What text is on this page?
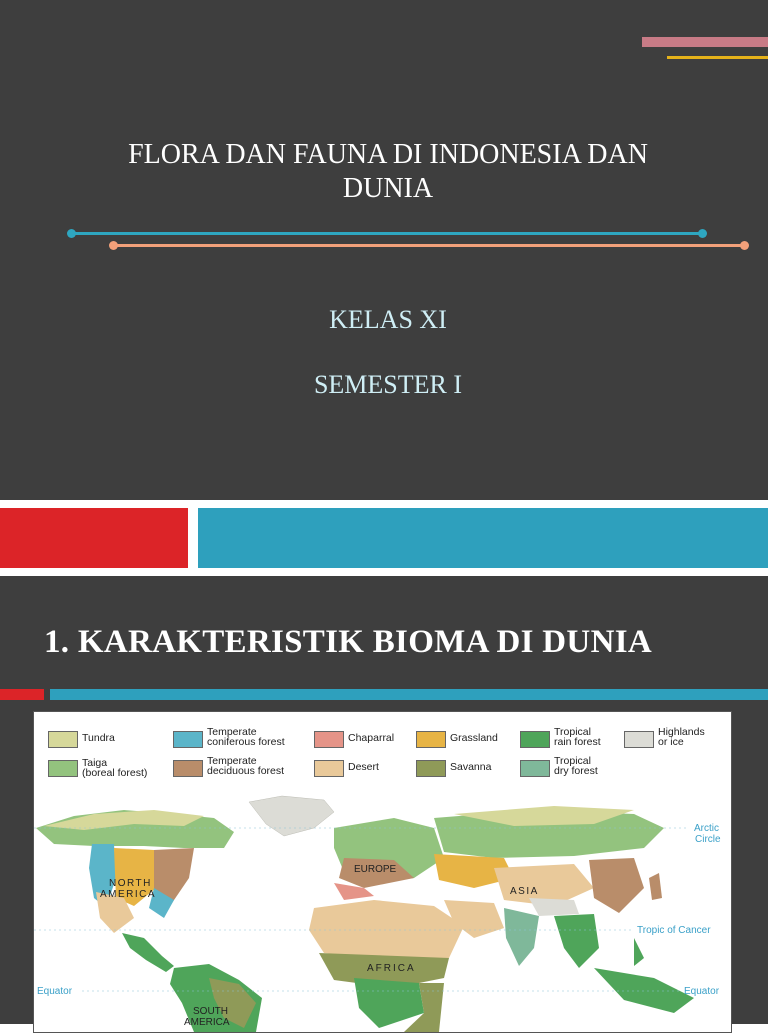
FLORA DAN FAUNA DI INDONESIA DAN DUNIA
KELAS XI
SEMESTER I
1. KARAKTERISTIK BIOMA DI DUNIA
Tundra	Temperate
coniferous forest	Chaparral	Grassland	Tropical
rain forest
Highlands
or ice
Taiga
(boreal forest)
Temperate
deciduous forest	Desert	Savanna	Tropical
dry forest
Arctic
Circle
Tropic of Cancer
Equator	Equator
NORTH
AMERICA
EUROPE
ASIA
AFRICA
SOUTH
AMERICA
